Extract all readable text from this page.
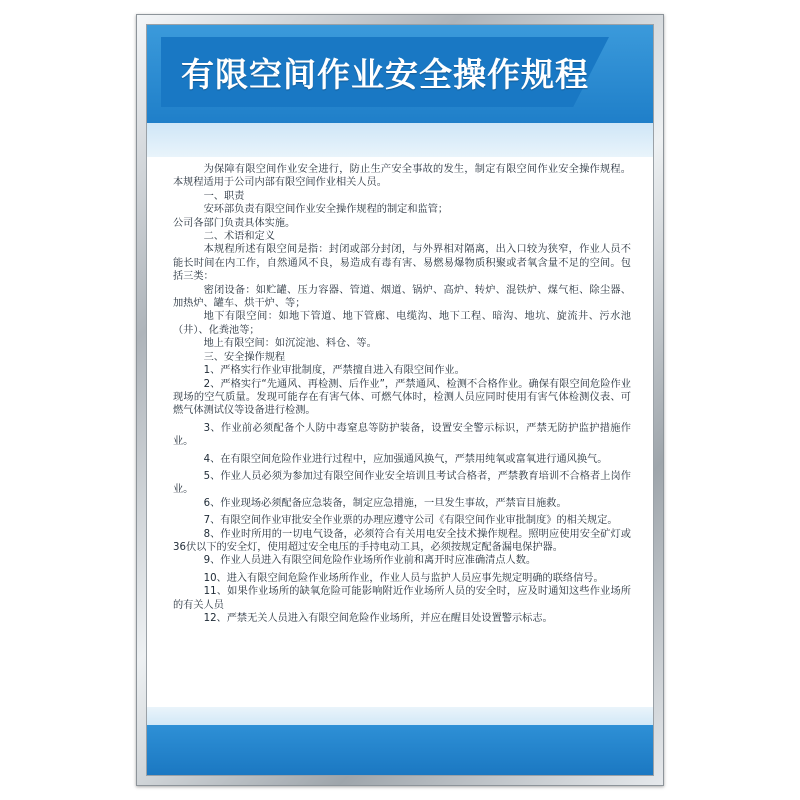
有限空间作业安全操作规程

为保障有限空间作业安全进行，防止生产安全事故的发生，制定有限空间作业安全操作规程。本规程适用于公司内部有限空间作业相关人员。

一、职责

安环部负责有限空间作业安全操作规程的制定和监管；

公司各部门负责具体实施。

二、术语和定义

本规程所述有限空间是指：封闭或部分封闭，与外界相对隔离，出入口较为狭窄，作业人员不能长时间在内工作，自然通风不良，易造成有毒有害、易燃易爆物质积聚或者氧含量不足的空间。包括三类：

密闭设备：如贮罐、压力容器、管道、烟道、锅炉、高炉、转炉、混铁炉、煤气柜、除尘器、加热炉、罐车、烘干炉、等；

地下有限空间：如地下管道、地下管廊、电缆沟、地下工程、暗沟、地坑、旋流井、污水池（井）、化粪池等；

地上有限空间：如沉淀池、料仓、等。

三、安全操作规程

1、严格实行作业审批制度，严禁擅自进入有限空间作业。

2、严格实行“先通风、再检测、后作业”，严禁通风、检测不合格作业。确保有限空间危险作业现场的空气质量。发现可能存在有害气体、可燃气体时，检测人员应同时使用有害气体检测仪表、可燃气体测试仪等设备进行检测。

3、作业前必须配备个人防中毒窒息等防护装备，设置安全警示标识，严禁无防护监护措施作业。

4、在有限空间危险作业进行过程中，应加强通风换气，严禁用纯氧或富氧进行通风换气。

5、作业人员必须为参加过有限空间作业安全培训且考试合格者，严禁教育培训不合格者上岗作业。

6、作业现场必须配备应急装备，制定应急措施，一旦发生事故，严禁盲目施救。

7、有限空间作业审批安全作业票的办理应遵守公司《有限空间作业审批制度》的相关规定。

8、作业时所用的一切电气设备，必须符合有关用电安全技术操作规程。照明应使用安全矿灯或36伏以下的安全灯，使用超过安全电压的手持电动工具，必须按规定配备漏电保护器。

9、作业人员进入有限空间危险作业场所作业前和离开时应准确清点人数。

10、进入有限空间危险作业场所作业，作业人员与监护人员应事先规定明确的联络信号。

11、如果作业场所的缺氧危险可能影响附近作业场所人员的安全时，应及时通知这些作业场所的有关人员

12、严禁无关人员进入有限空间危险作业场所，并应在醒目处设置警示标志。
